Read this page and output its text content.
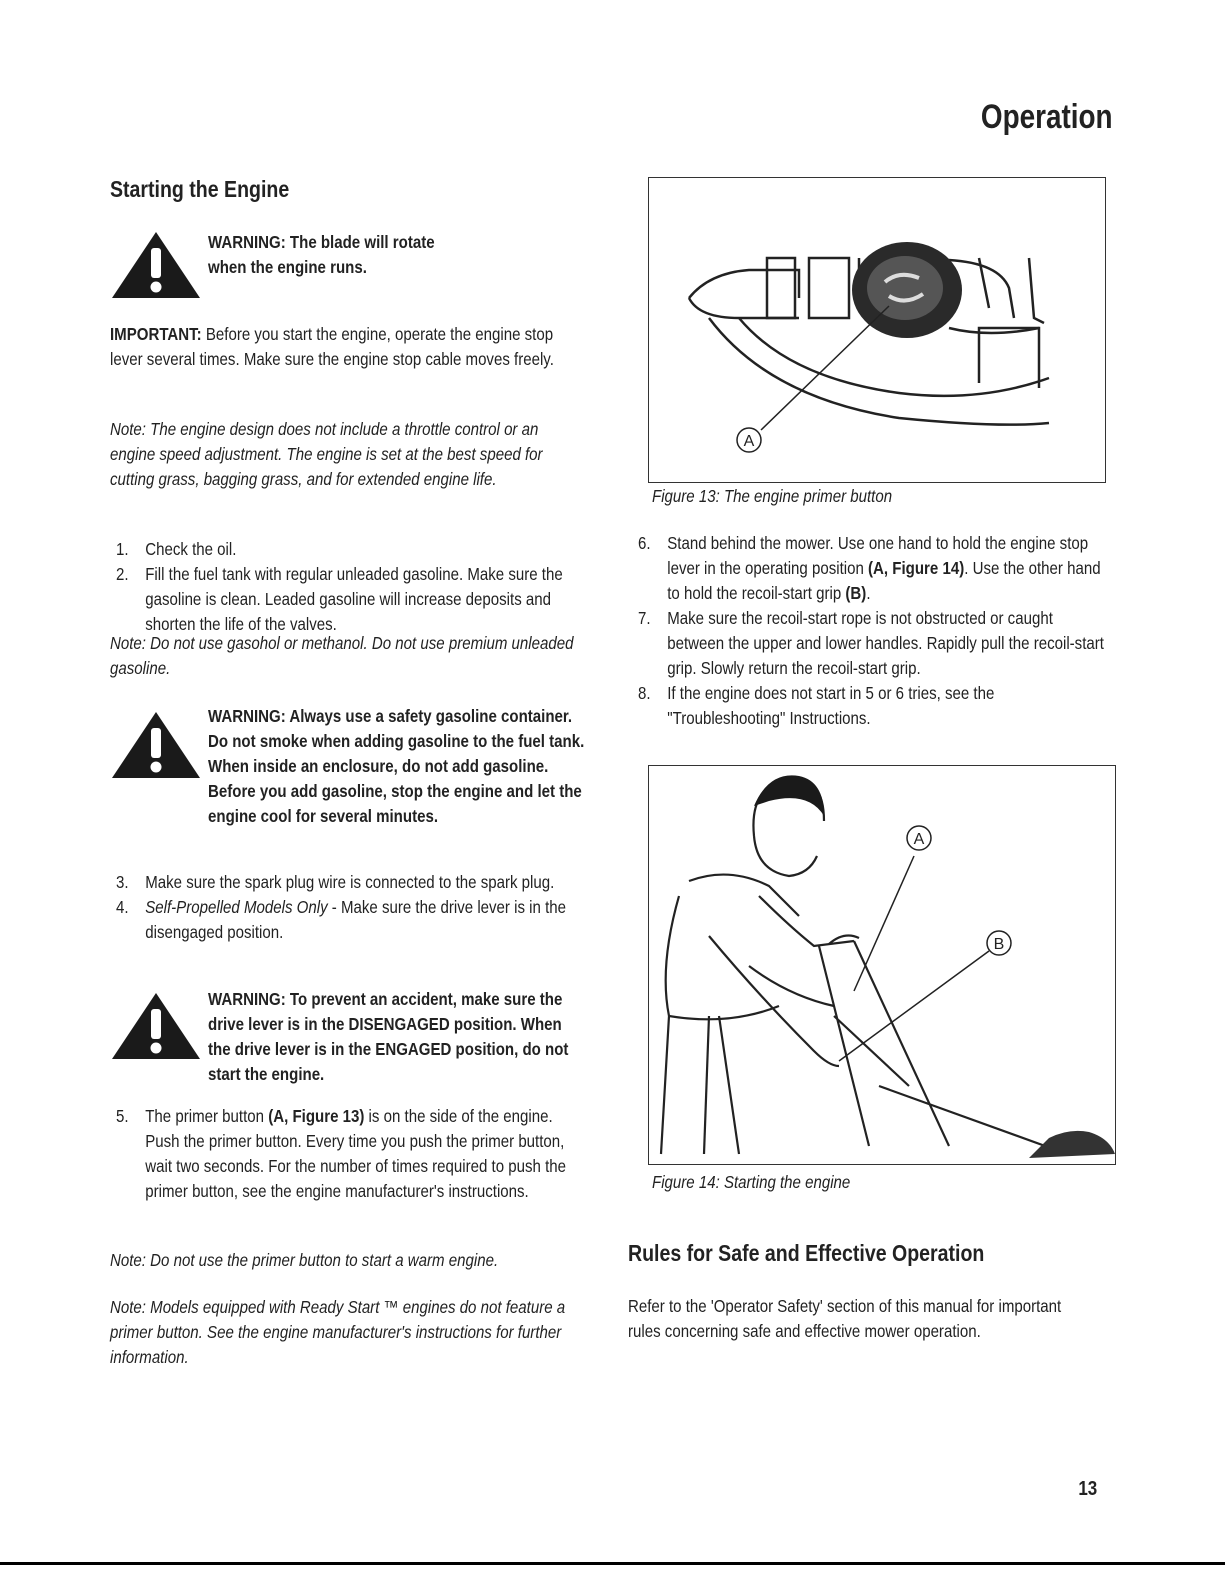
Operation
Starting the Engine
WARNING: The blade will rotate when the engine runs.
IMPORTANT: Before you start the engine, operate the engine stop lever several times. Make sure the engine stop cable moves freely.
Note: The engine design does not include a throttle control or an engine speed adjustment. The engine is set at the best speed for cutting grass, bagging grass, and for extended engine life.
1. Check the oil.
2. Fill the fuel tank with regular unleaded gasoline. Make sure the gasoline is clean. Leaded gasoline will increase deposits and shorten the life of the valves.
Note: Do not use gasohol or methanol. Do not use premium unleaded gasoline.
WARNING: Always use a safety gasoline container. Do not smoke when adding gasoline to the fuel tank. When inside an enclosure, do not add gasoline. Before you add gasoline, stop the engine and let the engine cool for several minutes.
3. Make sure the spark plug wire is connected to the spark plug.
4. Self-Propelled Models Only - Make sure the drive lever is in the disengaged position.
WARNING: To prevent an accident, make sure the drive lever is in the DISENGAGED position. When the drive lever is in the ENGAGED position, do not start the engine.
5. The primer button (A, Figure 13) is on the side of the engine. Push the primer button. Every time you push the primer button, wait two seconds. For the number of times required to push the primer button, see the engine manufacturer's instructions.
Note: Do not use the primer button to start a warm engine.
Note: Models equipped with Ready Start ™ engines do not feature a primer button. See the engine manufacturer's instructions for further information.
A
Figure 13: The engine primer button
6. Stand behind the mower. Use one hand to hold the engine stop lever in the operating position (A, Figure 14). Use the other hand to hold the recoil-start grip (B).
7. Make sure the recoil-start rope is not obstructed or caught between the upper and lower handles. Rapidly pull the recoil-start grip. Slowly return the recoil-start grip.
8. If the engine does not start in 5 or 6 tries, see the "Troubleshooting" Instructions.
A
B
Figure 14: Starting the engine
Rules for Safe and Effective Operation
Refer to the 'Operator Safety' section of this manual for important rules concerning safe and effective mower operation.
13
